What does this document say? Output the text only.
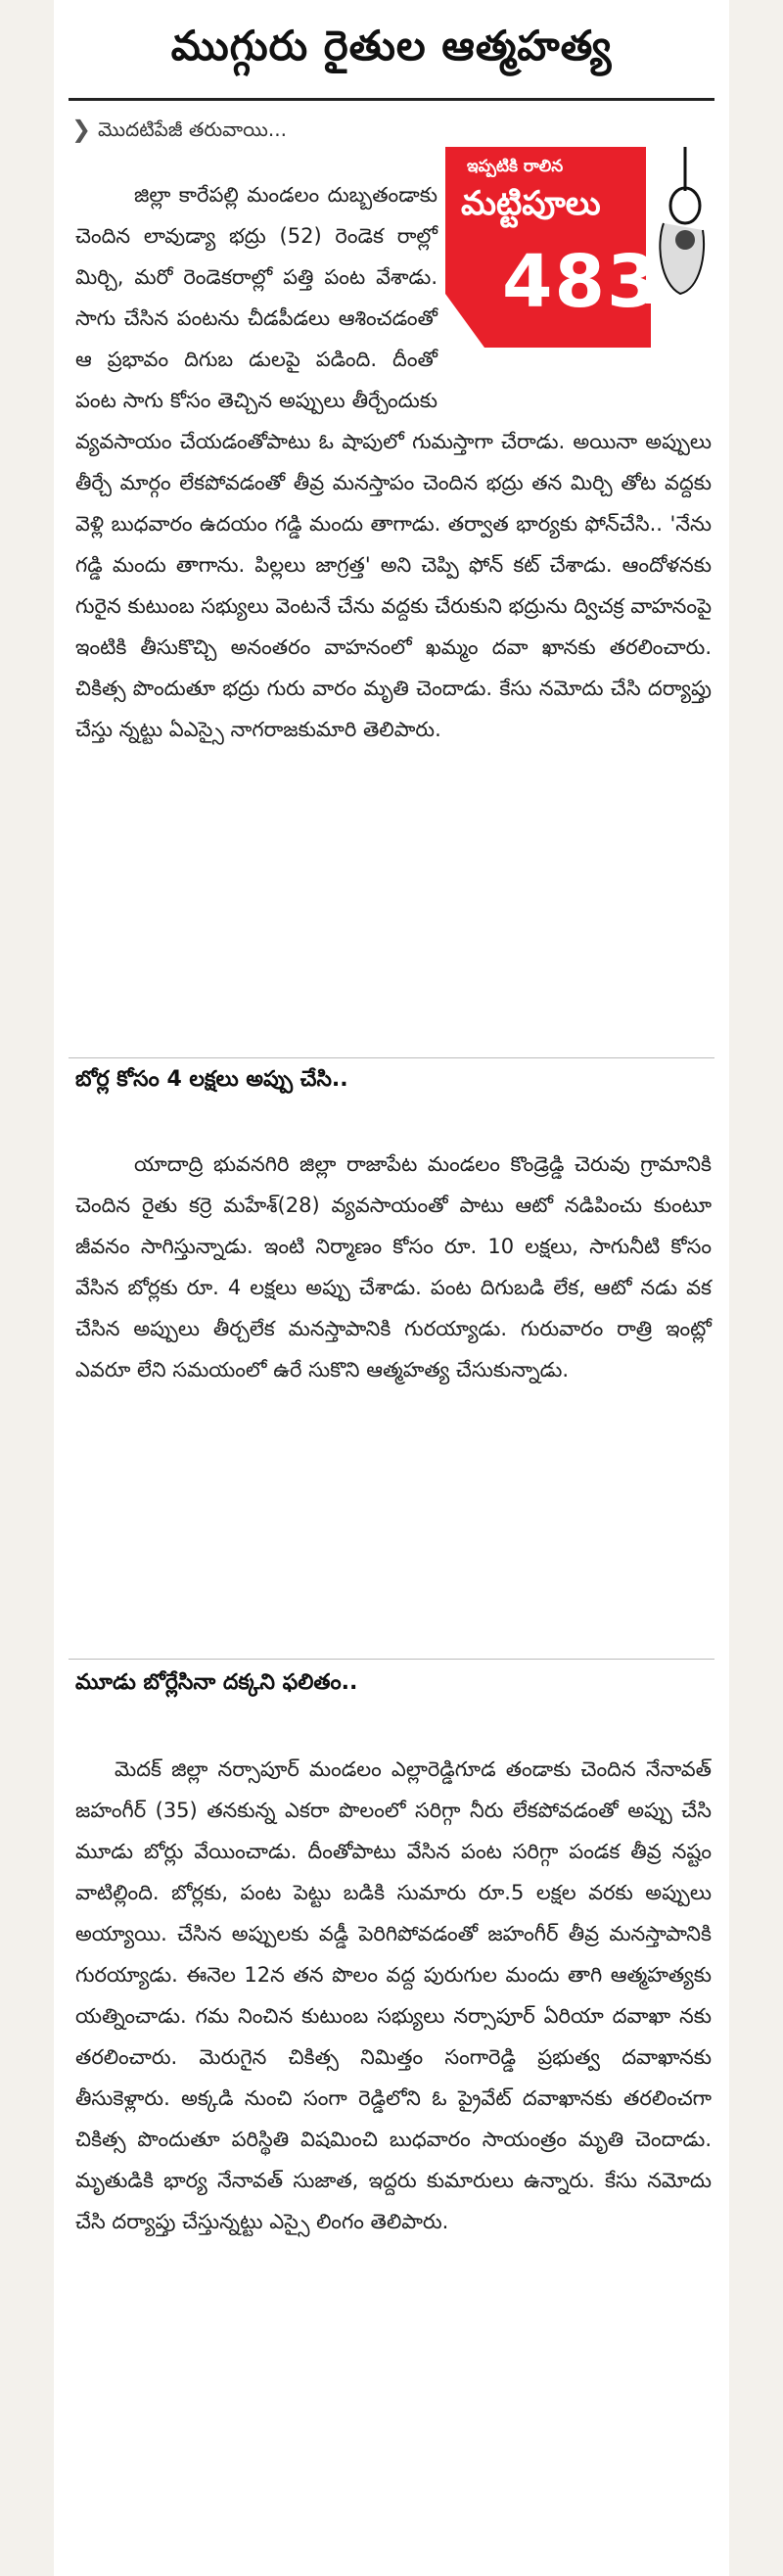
ముగ్గురు రైతుల ఆత్మహత్య
❯ మొదటిపేజీ తరువాయి...
ఇప్పటికి రాలిన
మట్టిపూలు
483
జిల్లా కారేపల్లి మండలం దుబ్బతండాకు చెందిన లావుడ్యా భద్రు (52) రెండెక రాల్లో మిర్చి, మరో రెండెకరాల్లో పత్తి పంట వేశాడు. సాగు చేసిన పంటను చీడపీడలు ఆశించడంతో ఆ ప్రభావం దిగుబ డులపై పడింది. దీంతో పంట సాగు కోసం తెచ్చిన అప్పులు తీర్చేందుకు వ్యవసాయం చేయడంతోపాటు ఓ షాపులో గుమస్తాగా చేరాడు. అయినా అప్పులు తీర్చే మార్గం లేకపోవడంతో తీవ్ర మనస్తాపం చెందిన భద్రు తన మిర్చి తోట వద్దకు వెళ్లి బుధవారం ఉదయం గడ్డి మందు తాగాడు. తర్వాత భార్యకు ఫోన్‌చేసి.. 'నేను గడ్డి మందు తాగాను. పిల్లలు జాగ్రత్త' అని చెప్పి ఫోన్ కట్ చేశాడు. ఆందోళనకు గురైన కుటుంబ సభ్యులు వెంటనే చేను వద్దకు చేరుకుని భద్రును ద్విచక్ర వాహనంపై ఇంటికి తీసుకొచ్చి అనంతరం వాహనంలో ఖమ్మం దవా ఖానకు తరలించారు. చికిత్స పొందుతూ భద్రు గురు వారం మృతి చెందాడు. కేసు నమోదు చేసి దర్యాప్తు చేస్తు న్నట్టు ఏఎస్సై నాగరాజకుమారి తెలిపారు.
బోర్ల కోసం 4 లక్షలు అప్పు చేసి..
యాదాద్రి భువనగిరి జిల్లా రాజాపేట మండలం కొండ్రెడ్డి చెరువు గ్రామానికి చెందిన రైతు కర్రె మహేశ్(28) వ్యవసాయంతో పాటు ఆటో నడిపించు కుంటూ జీవనం సాగిస్తున్నాడు. ఇంటి నిర్మాణం కోసం రూ. 10 లక్షలు, సాగునీటి కోసం వేసిన బోర్లకు రూ. 4 లక్షలు అప్పు చేశాడు. పంట దిగుబడి లేక, ఆటో నడు వక చేసిన అప్పులు తీర్చలేక మనస్తాపానికి గురయ్యాడు. గురువారం రాత్రి ఇంట్లో ఎవరూ లేని సమయంలో ఉరే సుకొని ఆత్మహత్య చేసుకున్నాడు.
మూడు బోర్లేసినా దక్కని ఫలితం..
మెదక్ జిల్లా నర్సాపూర్ మండలం ఎల్లారెడ్డిగూడ తండాకు చెందిన నేనావత్ జహంగీర్ (35) తనకున్న ఎకరా పొలంలో సరిగ్గా నీరు లేకపోవడంతో అప్పు చేసి మూడు బోర్లు వేయించాడు. దీంతోపాటు వేసిన పంట సరిగ్గా పండక తీవ్ర నష్టం వాటిల్లింది. బోర్లకు, పంట పెట్టు బడికి సుమారు రూ.5 లక్షల వరకు అప్పులు అయ్యాయి. చేసిన అప్పులకు వడ్డీ పెరిగిపోవడంతో జహంగీర్ తీవ్ర మనస్తాపానికి గురయ్యాడు. ఈనెల 12న తన పొలం వద్ద పురుగుల మందు తాగి ఆత్మహత్యకు యత్నించాడు. గమ నించిన కుటుంబ సభ్యులు నర్సాపూర్ ఏరియా దవాఖా నకు తరలించారు. మెరుగైన చికిత్స నిమిత్తం సంగారెడ్డి ప్రభుత్వ దవాఖానకు తీసుకెళ్లారు. అక్కడి నుంచి సంగా రెడ్డిలోని ఓ ప్రైవేట్ దవాఖానకు తరలించగా చికిత్స పొందుతూ పరిస్థితి విషమించి బుధవారం సాయంత్రం మృతి చెందాడు. మృతుడికి భార్య నేనావత్ సుజాత, ఇద్దరు కుమారులు ఉన్నారు. కేసు నమోదు చేసి దర్యాప్తు చేస్తున్నట్టు ఎస్సై లింగం తెలిపారు.
